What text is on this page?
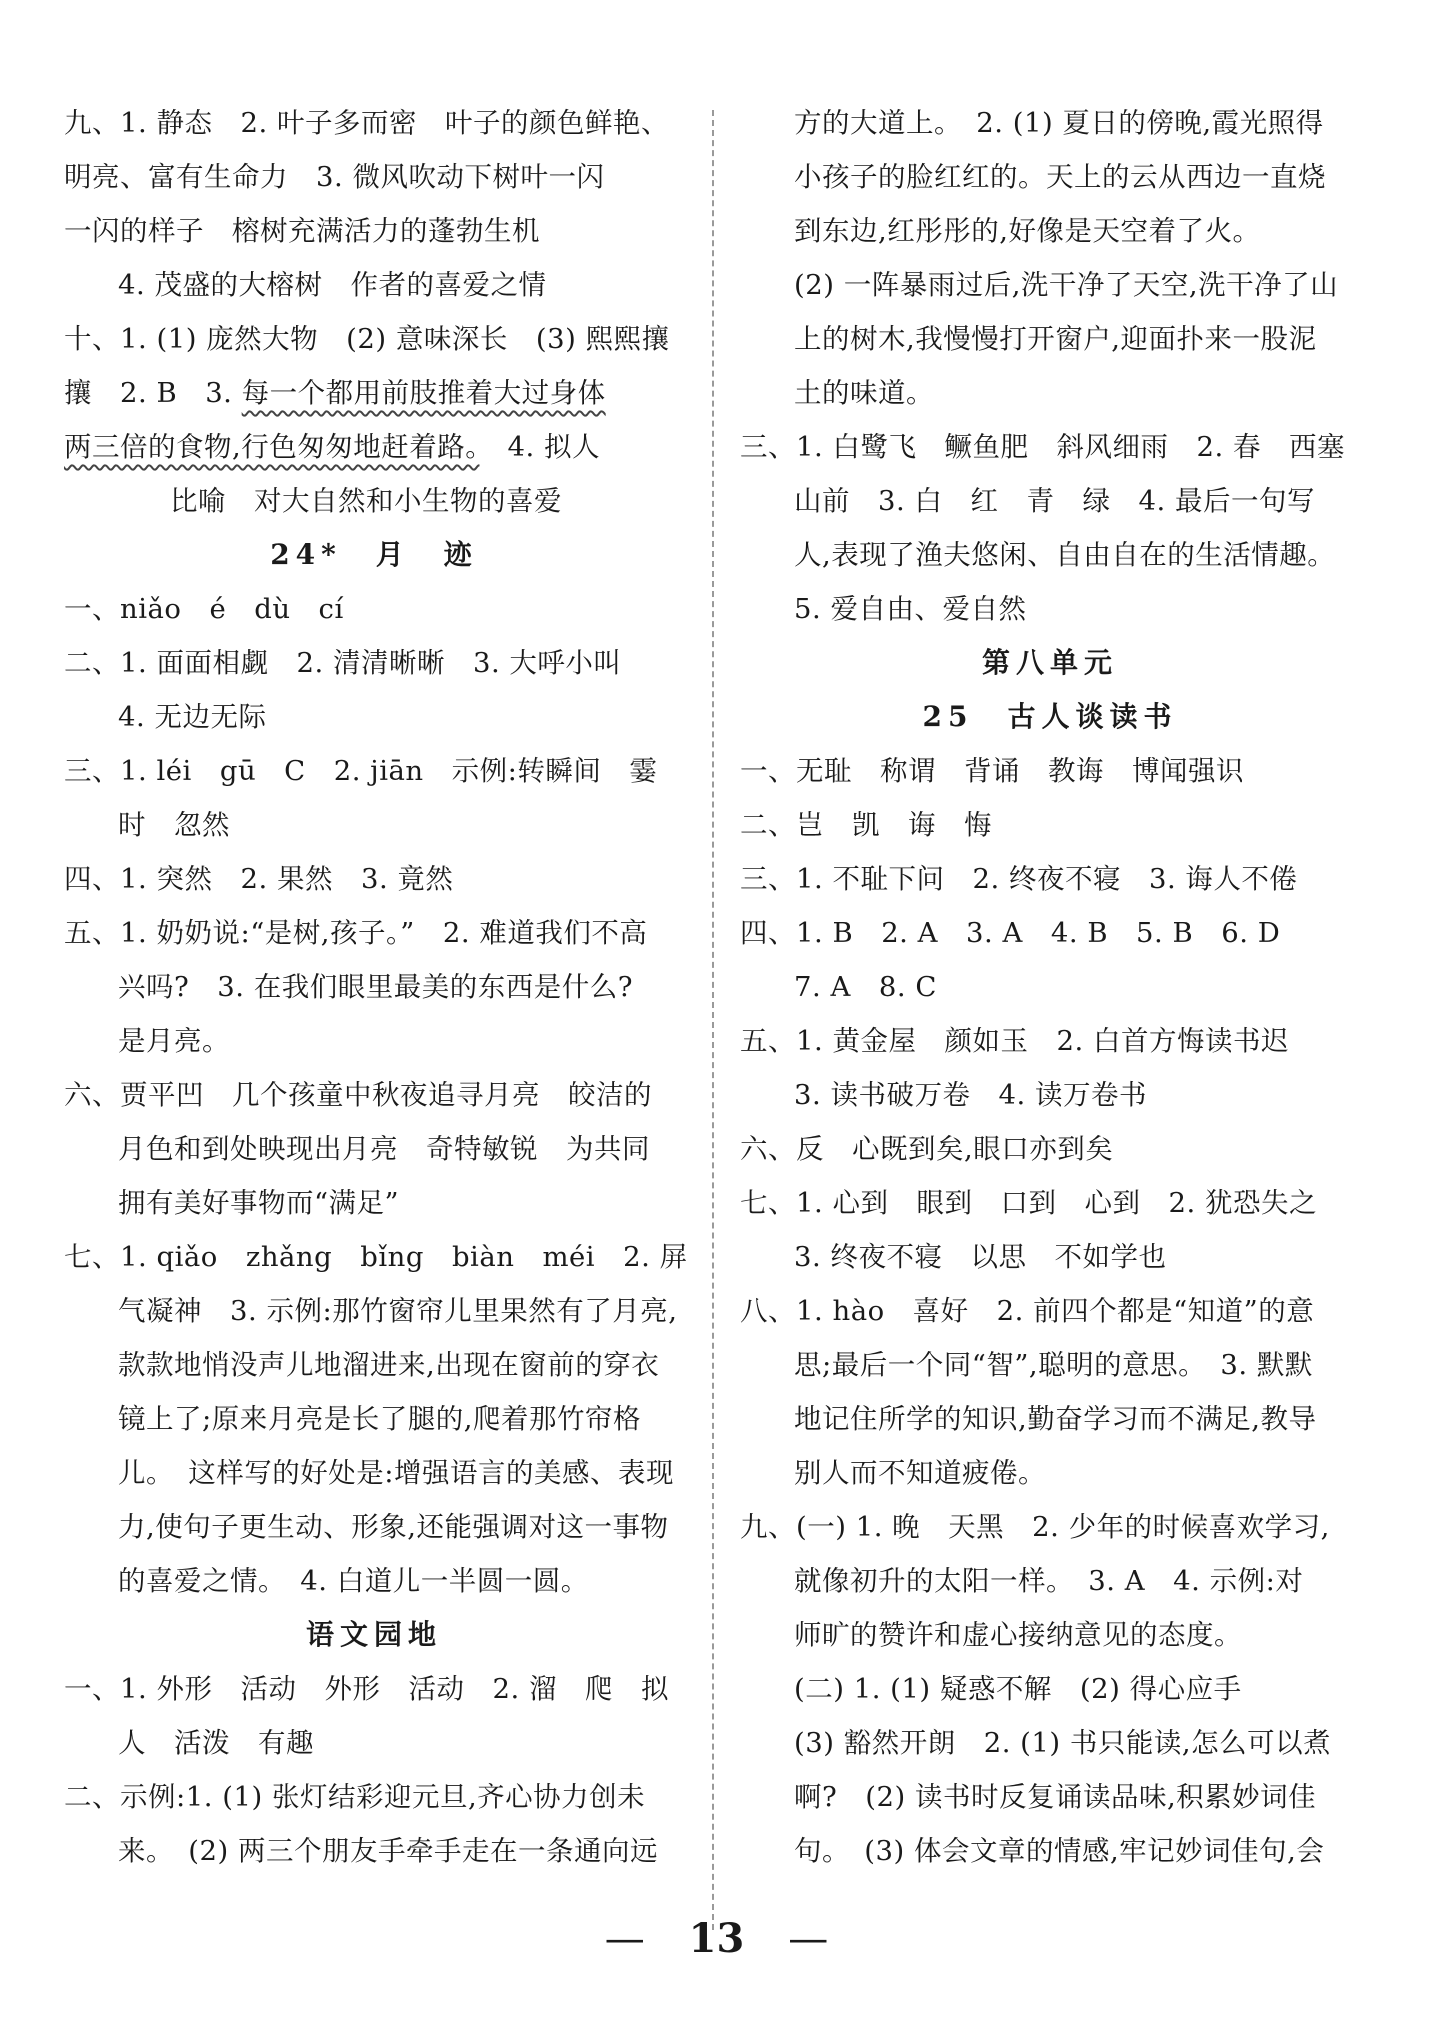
九、1. 静态　2. 叶子多而密　叶子的颜色鲜艳、
明亮、富有生命力　3. 微风吹动下树叶一闪
一闪的样子　榕树充满活力的蓬勃生机
4. 茂盛的大榕树　作者的喜爱之情
十、1. (1) 庞然大物　(2) 意味深长　(3) 熙熙攘
攘　2. B　3. 每一个都用前肢推着大过身体
两三倍的食物,行色匆匆地赶着路。　4. 拟人
比喻　对大自然和小生物的喜爱
24*　月　迹
一、niǎo　é　dù　cí
二、1. 面面相觑　2. 清清晰晰　3. 大呼小叫
4. 无边无际
三、1. léi　gū　C　2. jiān　示例:转瞬间　霎
时　忽然
四、1. 突然　2. 果然　3. 竟然
五、1. 奶奶说:“是树,孩子。”　2. 难道我们不高
兴吗?　3. 在我们眼里最美的东西是什么?
是月亮。
六、贾平凹　几个孩童中秋夜追寻月亮　皎洁的
月色和到处映现出月亮　奇特敏锐　为共同
拥有美好事物而“满足”
七、1. qiǎo　zhǎng　bǐng　biàn　méi　2. 屏
气凝神　3. 示例:那竹窗帘儿里果然有了月亮,
款款地悄没声儿地溜进来,出现在窗前的穿衣
镜上了;原来月亮是长了腿的,爬着那竹帘格
儿。　这样写的好处是:增强语言的美感、表现
力,使句子更生动、形象,还能强调对这一事物
的喜爱之情。　4. 白道儿一半圆一圆。
语文园地
一、1. 外形　活动　外形　活动　2. 溜　爬　拟
人　活泼　有趣
二、示例:1. (1) 张灯结彩迎元旦,齐心协力创未
来。　(2) 两三个朋友手牵手走在一条通向远
方的大道上。　2. (1) 夏日的傍晚,霞光照得
小孩子的脸红红的。天上的云从西边一直烧
到东边,红彤彤的,好像是天空着了火。
(2) 一阵暴雨过后,洗干净了天空,洗干净了山
上的树木,我慢慢打开窗户,迎面扑来一股泥
土的味道。
三、1. 白鹭飞　鳜鱼肥　斜风细雨　2. 春　西塞
山前　3. 白　红　青　绿　4. 最后一句写
人,表现了渔夫悠闲、自由自在的生活情趣。
5. 爱自由、爱自然
第八单元
25　古人谈读书
一、无耻　称谓　背诵　教诲　博闻强识
二、岂　凯　诲　悔
三、1. 不耻下问　2. 终夜不寝　3. 诲人不倦
四、1. B　2. A　3. A　4. B　5. B　6. D
7. A　8. C
五、1. 黄金屋　颜如玉　2. 白首方悔读书迟
3. 读书破万卷　4. 读万卷书
六、反　心既到矣,眼口亦到矣
七、1. 心到　眼到　口到　心到　2. 犹恐失之
3. 终夜不寝　以思　不如学也
八、1. hào　喜好　2. 前四个都是“知道”的意
思;最后一个同“智”,聪明的意思。　3. 默默
地记住所学的知识,勤奋学习而不满足,教导
别人而不知道疲倦。
九、(一) 1. 晚　天黑　2. 少年的时候喜欢学习,
就像初升的太阳一样。　3. A　4. 示例:对
师旷的赞许和虚心接纳意见的态度。
(二) 1. (1) 疑惑不解　(2) 得心应手
(3) 豁然开朗　2. (1) 书只能读,怎么可以煮
啊?　(2) 读书时反复诵读品味,积累妙词佳
句。　(3) 体会文章的情感,牢记妙词佳句,会
— 13 —
